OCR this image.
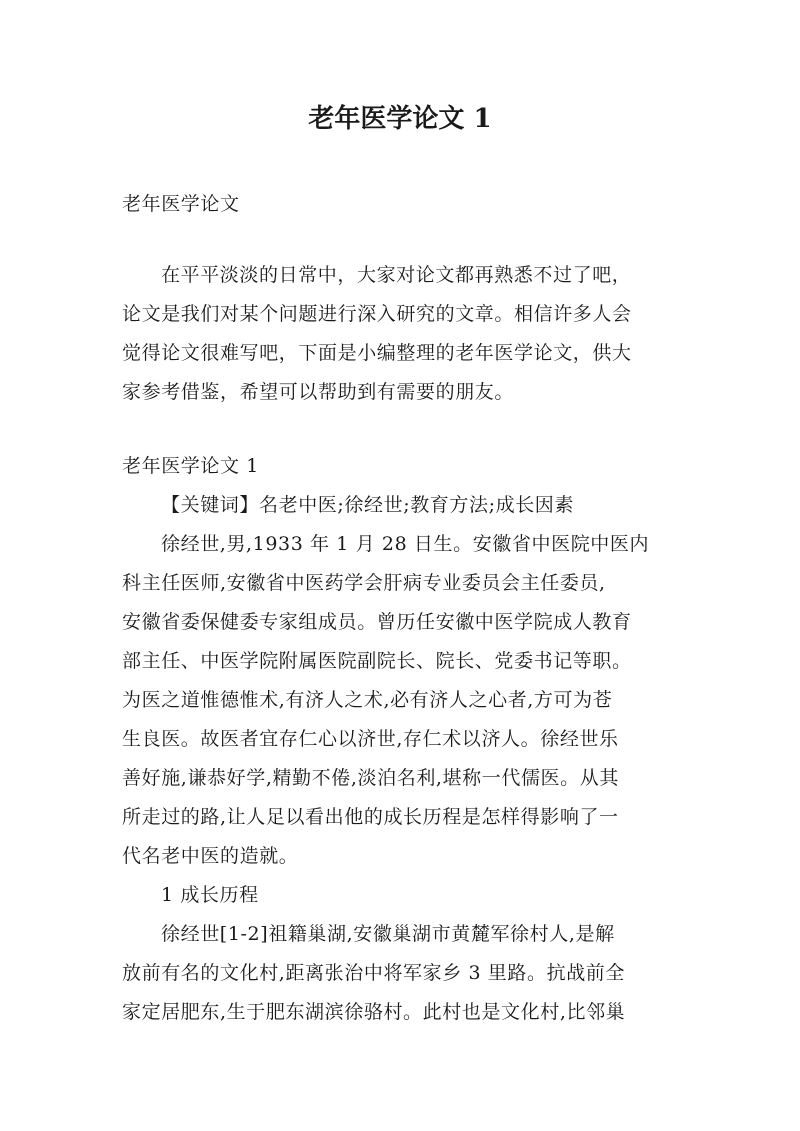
老年医学论文 1
老年医学论文
在平平淡淡的日常中，大家对论文都再熟悉不过了吧，
论文是我们对某个问题进行深入研究的文章。相信许多人会
觉得论文很难写吧，下面是小编整理的老年医学论文，供大
家参考借鉴，希望可以帮助到有需要的朋友。
老年医学论文 1
【关键词】名老中医;徐经世;教育方法;成长因素
徐经世,男,1933 年 1 月 28 日生。安徽省中医院中医内
科主任医师,安徽省中医药学会肝病专业委员会主任委员,
安徽省委保健委专家组成员。曾历任安徽中医学院成人教育
部主任、中医学院附属医院副院长、院长、党委书记等职。
为医之道惟德惟术,有济人之术,必有济人之心者,方可为苍
生良医。故医者宜存仁心以济世,存仁术以济人。徐经世乐
善好施,谦恭好学,精勤不倦,淡泊名利,堪称一代儒医。从其
所走过的路,让人足以看出他的成长历程是怎样得影响了一
代名老中医的造就。
1 成长历程
徐经世[1-2]祖籍巢湖,安徽巢湖市黄麓军徐村人,是解
放前有名的文化村,距离张治中将军家乡 3 里路。抗战前全
家定居肥东,生于肥东湖滨徐骆村。此村也是文化村,比邻巢
